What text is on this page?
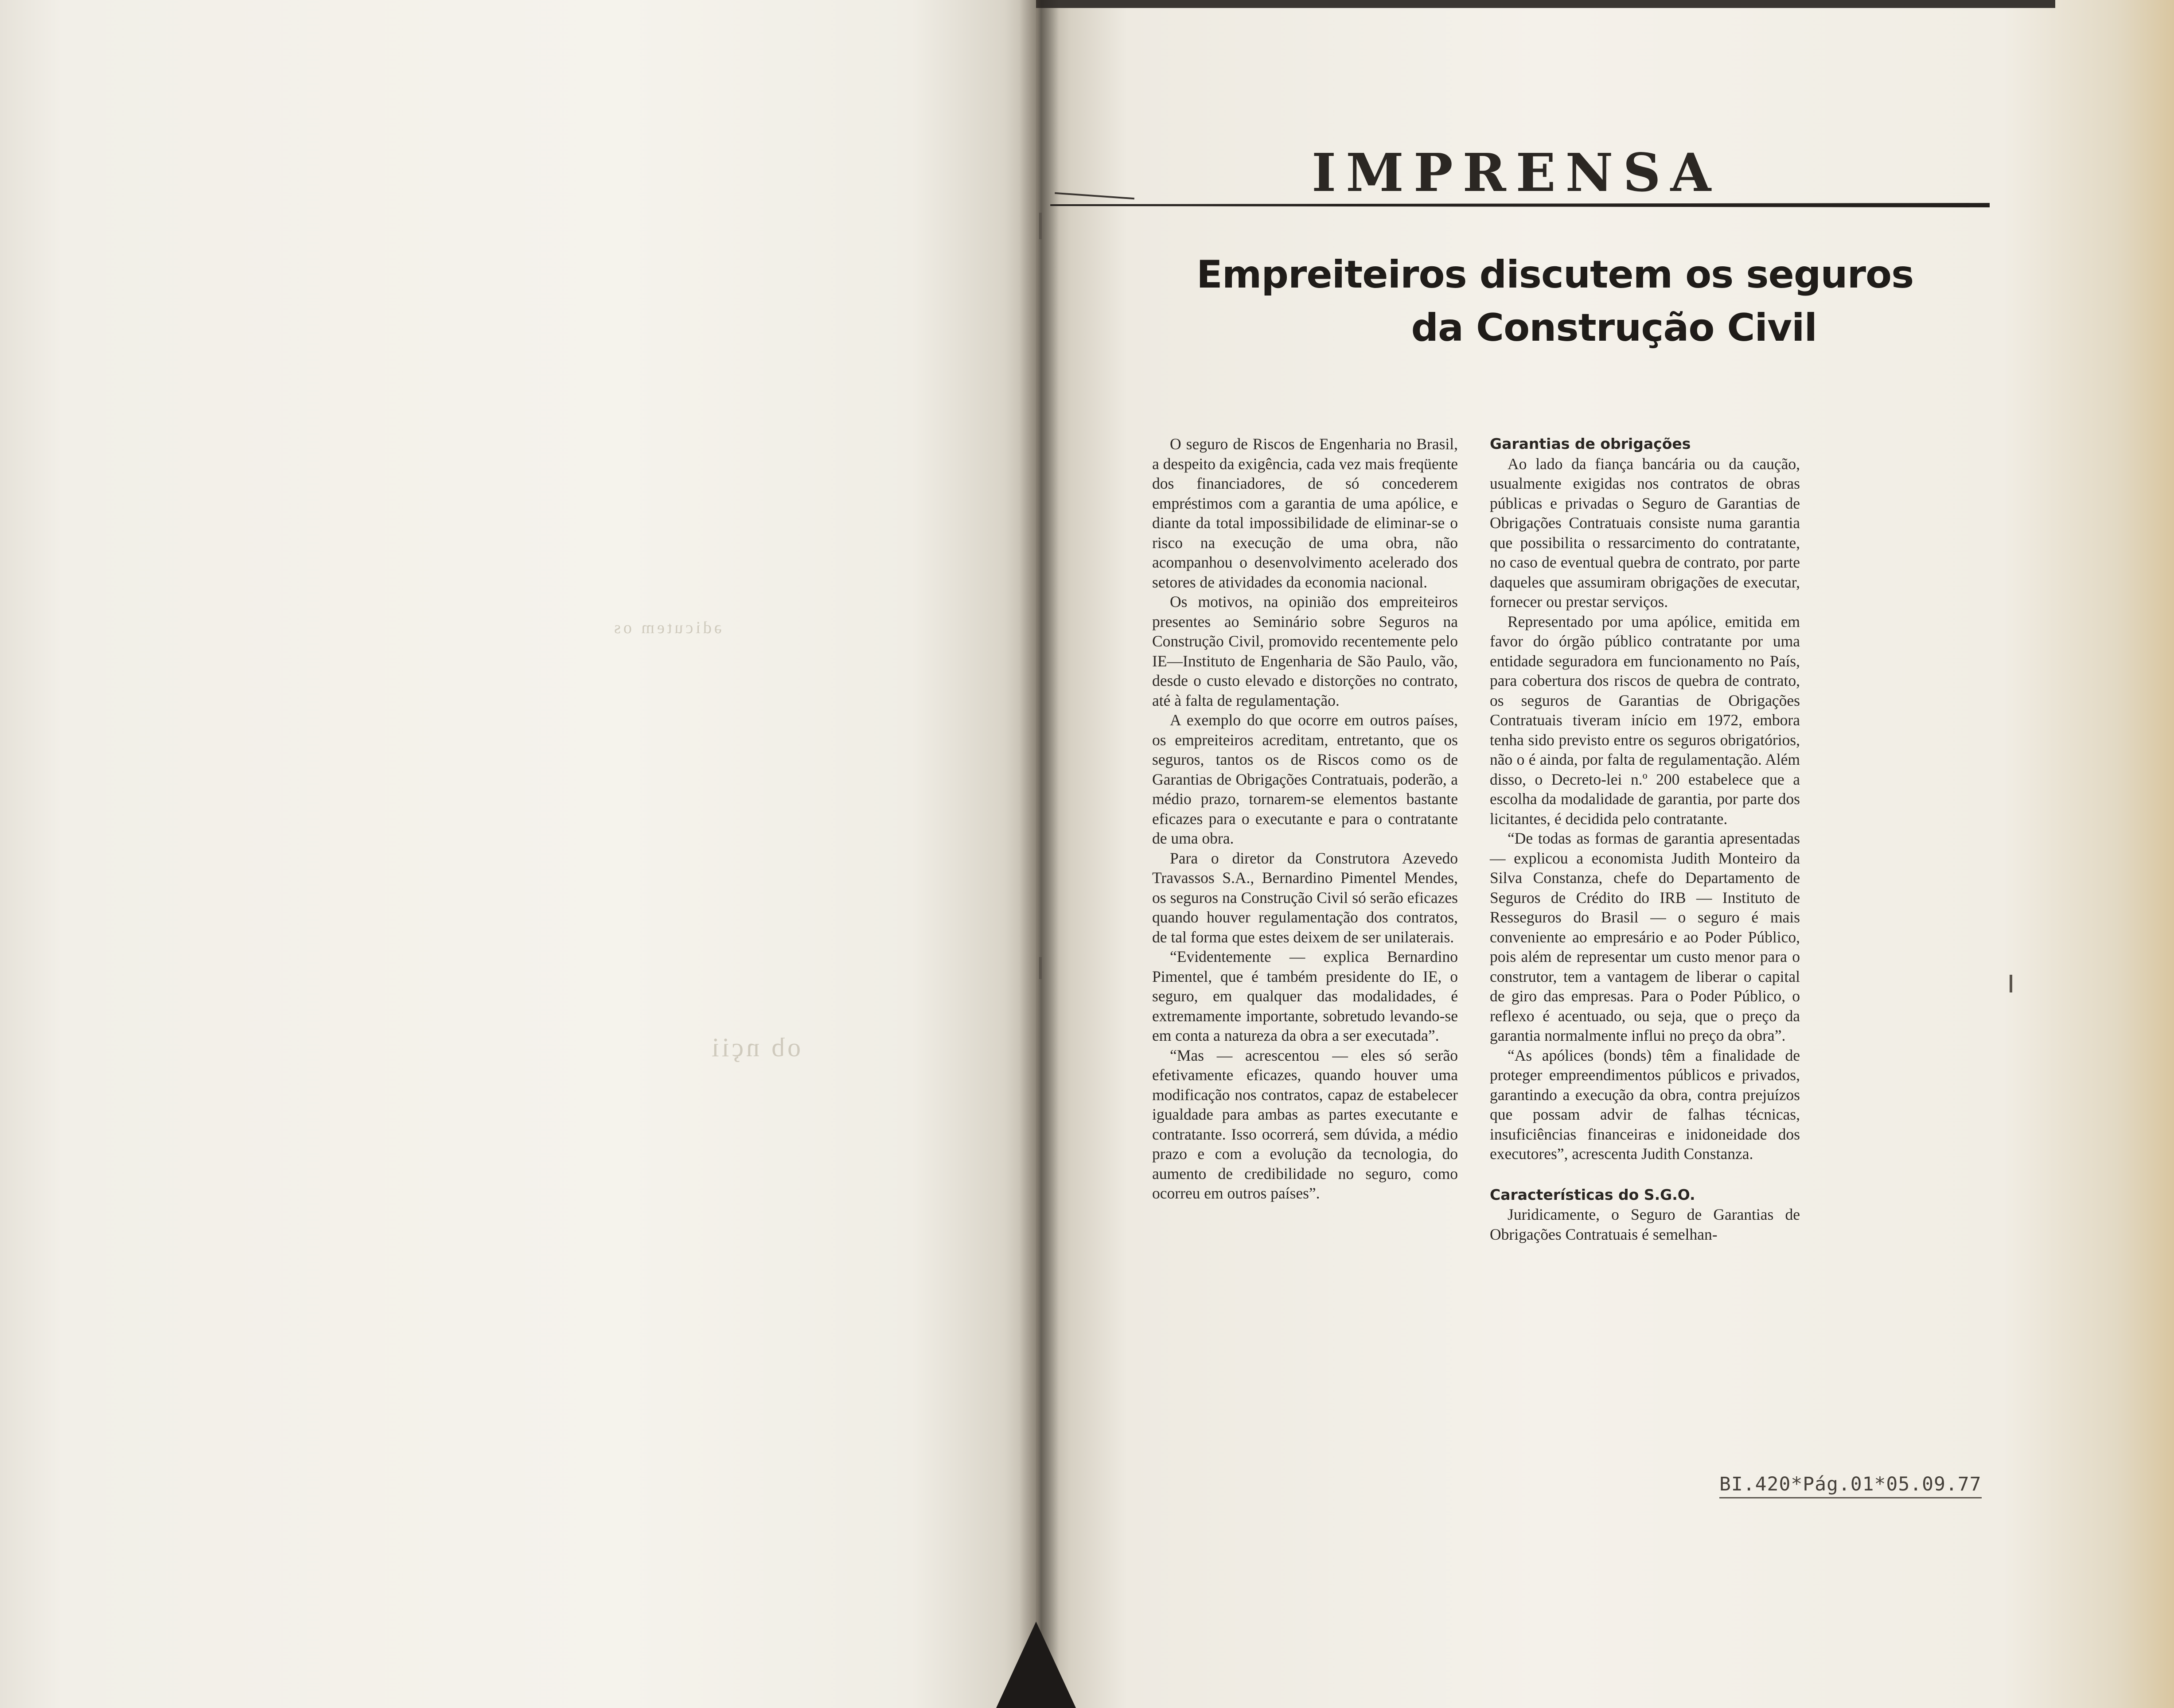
ədicutem os
ob nçii
IMPRENSA
Empreiteiros discutem os seguros
da Construção Civil

O seguro de Riscos de Engenharia no Brasil, a despeito da exigência, cada vez mais freqüente dos financiadores, de só concederem empréstimos com a garantia de uma apólice, e diante da total impossibilidade de eliminar-se o risco na execução de uma obra, não acompanhou o desenvolvimento acelerado dos setores de atividades da economia nacional.

Os motivos, na opinião dos empreiteiros presentes ao Seminário sobre Seguros na Construção Civil, promovido recentemente pelo IE—Instituto de Engenharia de São Paulo, vão, desde o custo elevado e distorções no contrato, até à falta de regulamentação.

A exemplo do que ocorre em outros países, os empreiteiros acreditam, entretanto, que os seguros, tantos os de Riscos como os de Garantias de Obrigações Contratuais, poderão, a médio prazo, tornarem-se elementos bastante eficazes para o executante e para o contratante de uma obra.

Para o diretor da Construtora Azevedo Travassos S.A., Bernardino Pimentel Mendes, os seguros na Construção Civil só serão eficazes quando houver regulamentação dos contratos, de tal forma que estes deixem de ser unilaterais.

“Evidentemente — explica Bernardino Pimentel, que é também presidente do IE, o seguro, em qualquer das modalidades, é extremamente importante, sobretudo levando-se em conta a natureza da obra a ser executada”.

“Mas — acrescentou — eles só serão efetivamente eficazes, quando houver uma modificação nos contratos, capaz de estabelecer igualdade para ambas as partes executante e contratante. Isso ocorrerá, sem dúvida, a médio prazo e com a evolução da tecnologia, do aumento de credibilidade no seguro, como ocorreu em outros países”.

Garantias de obrigações

Ao lado da fiança bancária ou da caução, usualmente exigidas nos contratos de obras públicas e privadas o Seguro de Garantias de Obrigações Contratuais consiste numa garantia que possibilita o ressarcimento do contratante, no caso de eventual quebra de contrato, por parte daqueles que assumiram obrigações de executar, fornecer ou prestar serviços.

Representado por uma apólice, emitida em favor do órgão público contratante por uma entidade seguradora em funcionamento no País, para cobertura dos riscos de quebra de contrato, os seguros de Garantias de Obrigações Contratuais tiveram início em 1972, embora tenha sido previsto entre os seguros obrigatórios, não o é ainda, por falta de regulamentação. Além disso, o Decreto-lei n.º 200 estabelece que a escolha da modalidade de garantia, por parte dos licitantes, é decidida pelo contratante.

“De todas as formas de garantia apresentadas — explicou a economista Judith Monteiro da Silva Constanza, chefe do Departamento de Seguros de Crédito do IRB — Instituto de Resseguros do Brasil — o seguro é mais conveniente ao empresário e ao Poder Público, pois além de representar um custo menor para o construtor, tem a vantagem de liberar o capital de giro das empresas. Para o Poder Público, o reflexo é acentuado, ou seja, que o preço da garantia normalmente influi no preço da obra”.

“As apólices (bonds) têm a finalidade de proteger empreendimentos públicos e privados, garantindo a execução da obra, contra prejuízos que possam advir de falhas técnicas, insuficiências financeiras e inidoneidade dos executores”, acrescenta Judith Constanza.

Características do S.G.O.

Juridicamente, o Seguro de Garantias de Obrigações Contratuais é semelhan-

BI.420*Pág.01*05.09.77
